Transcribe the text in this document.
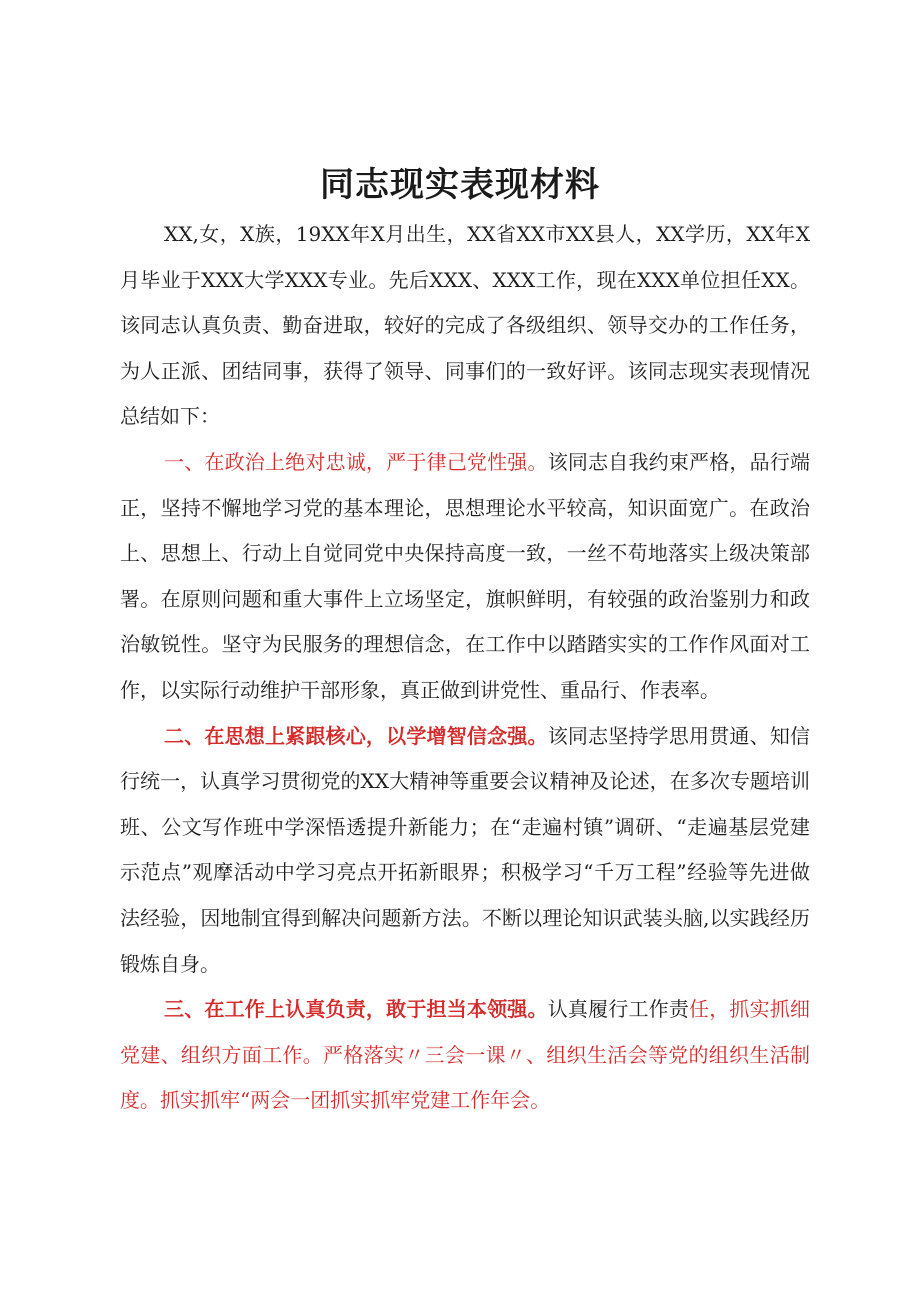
同志现实表现材料

XX,女，X族，19XX年X月出生，XX省XX市XX县人，XX学历，XX年X月毕业于XXX大学XXX专业。先后XXX、XXX工作，现在XXX单位担任XX。该同志认真负责、勤奋进取，较好的完成了各级组织、领导交办的工作任务，为人正派、团结同事，获得了领导、同事们的一致好评。该同志现实表现情况总结如下：

一、在政治上绝对忠诚，严于律己党性强。该同志自我约束严格，品行端正，坚持不懈地学习党的基本理论，思想理论水平较高，知识面宽广。在政治上、思想上、行动上自觉同党中央保持高度一致，一丝不苟地落实上级决策部署。在原则问题和重大事件上立场坚定，旗帜鲜明，有较强的政治鉴别力和政治敏锐性。坚守为民服务的理想信念，在工作中以踏踏实实的工作作风面对工作，以实际行动维护干部形象，真正做到讲党性、重品行、作表率。

二、在思想上紧跟核心，以学增智信念强。该同志坚持学思用贯通、知信行统一，认真学习贯彻党的XX大精神等重要会议精神及论述，在多次专题培训班、公文写作班中学深悟透提升新能力；在“走遍村镇”调研、“走遍基层党建示范点”观摩活动中学习亮点开拓新眼界；积极学习“千万工程”经验等先进做法经验，因地制宜得到解决问题新方法。不断以理论知识武装头脑,以实践经历锻炼自身。

三、在工作上认真负责，敢于担当本领强。认真履行工作责任，抓实抓细党建、组织方面工作。严格落实〃三会一课〃、组织生活会等党的组织生活制度。抓实抓牢“两会一团抓实抓牢党建工作年会。
